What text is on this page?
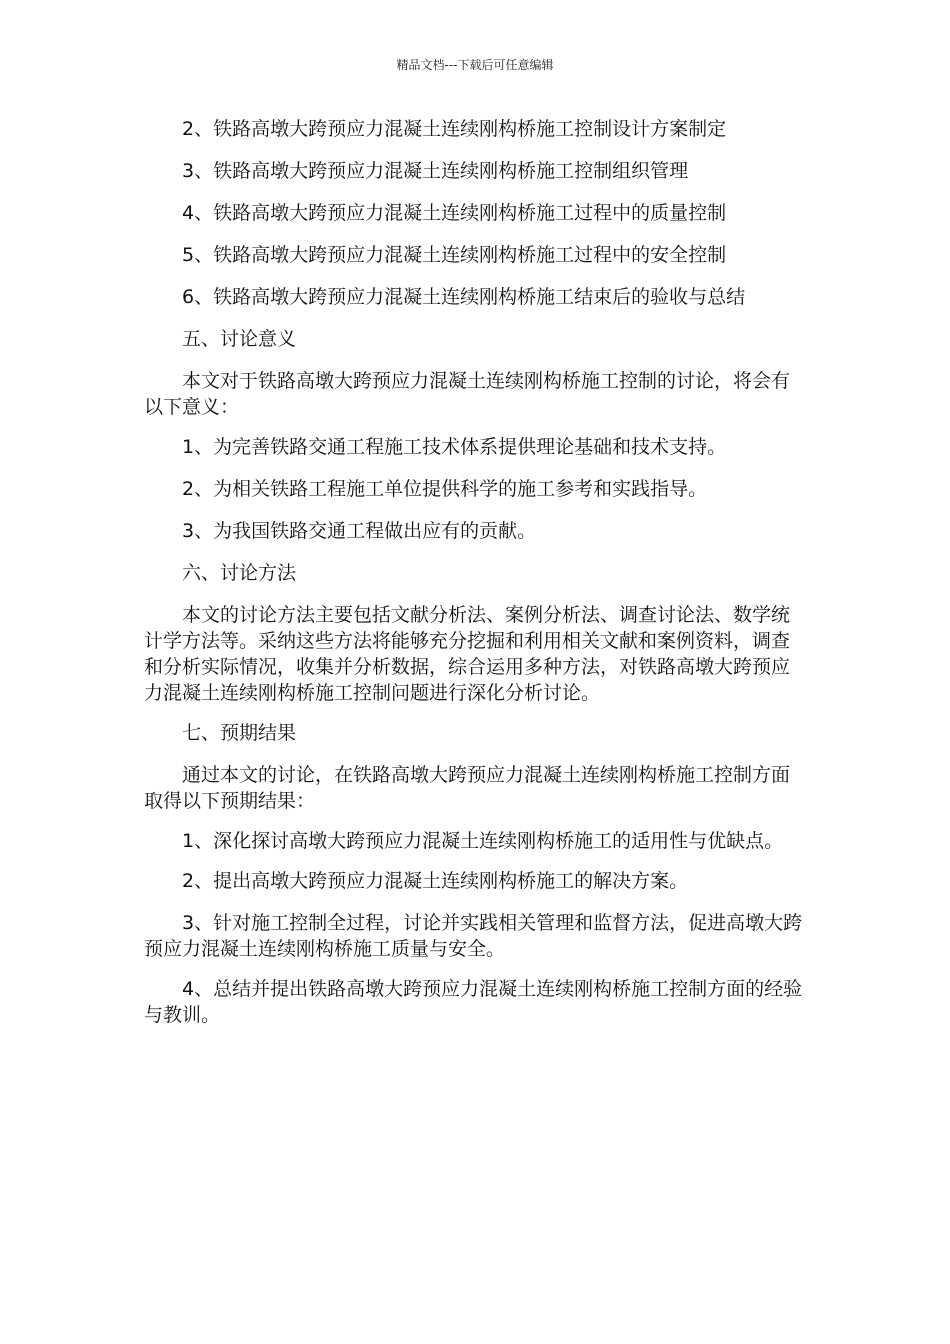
精品文档---下载后可任意编辑

2、铁路高墩大跨预应力混凝土连续刚构桥施工控制设计方案制定

3、铁路高墩大跨预应力混凝土连续刚构桥施工控制组织管理

4、铁路高墩大跨预应力混凝土连续刚构桥施工过程中的质量控制

5、铁路高墩大跨预应力混凝土连续刚构桥施工过程中的安全控制

6、铁路高墩大跨预应力混凝土连续刚构桥施工结束后的验收与总结

五、讨论意义

本文对于铁路高墩大跨预应力混凝土连续刚构桥施工控制的讨论，将会有以下意义：

1、为完善铁路交通工程施工技术体系提供理论基础和技术支持。

2、为相关铁路工程施工单位提供科学的施工参考和实践指导。

3、为我国铁路交通工程做出应有的贡献。

六、讨论方法

本文的讨论方法主要包括文献分析法、案例分析法、调查讨论法、数学统计学方法等。采纳这些方法将能够充分挖掘和利用相关文献和案例资料，调查和分析实际情况，收集并分析数据，综合运用多种方法，对铁路高墩大跨预应力混凝土连续刚构桥施工控制问题进行深化分析讨论。

七、预期结果

通过本文的讨论，在铁路高墩大跨预应力混凝土连续刚构桥施工控制方面取得以下预期结果：

1、深化探讨高墩大跨预应力混凝土连续刚构桥施工的适用性与优缺点。

2、提出高墩大跨预应力混凝土连续刚构桥施工的解决方案。

3、针对施工控制全过程，讨论并实践相关管理和监督方法，促进高墩大跨预应力混凝土连续刚构桥施工质量与安全。

4、总结并提出铁路高墩大跨预应力混凝土连续刚构桥施工控制方面的经验与教训。
